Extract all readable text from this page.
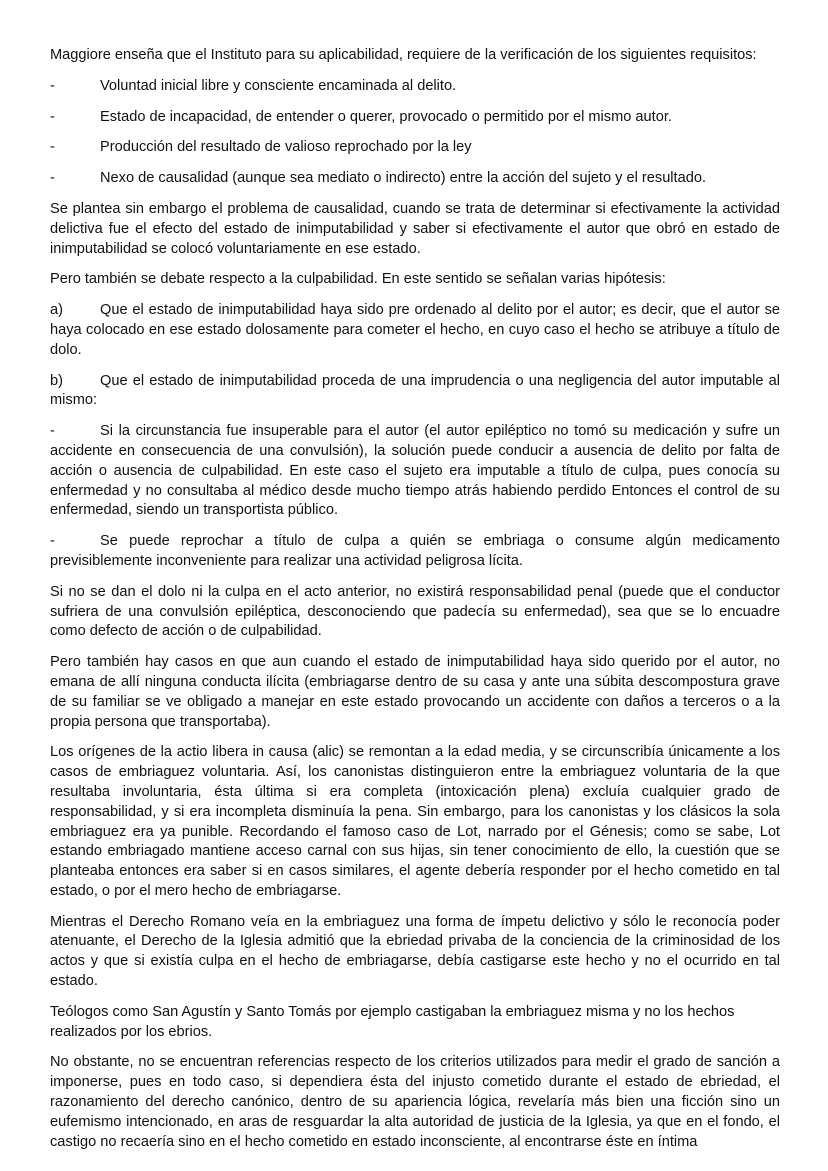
Maggiore enseña que el Instituto para su aplicabilidad, requiere de la verificación de los siguientes requisitos:

-	Voluntad inicial libre y consciente encaminada al delito.
-	Estado de incapacidad, de entender o querer, provocado o permitido por el mismo autor.
-	Producción del resultado de valioso reprochado por la ley
-	Nexo de causalidad (aunque sea mediato o indirecto) entre la acción del sujeto y el resultado.

Se plantea sin embargo el problema de causalidad, cuando se trata de determinar si efectivamente la actividad delictiva fue el efecto del estado de inimputabilidad y saber si efectivamente el autor que obró en estado de inimputabilidad se colocó voluntariamente en ese estado.

Pero también se debate respecto a la culpabilidad. En este sentido se señalan varias hipótesis:

a)	Que el estado de inimputabilidad haya sido pre ordenado al delito por el autor; es decir, que el autor se haya colocado en ese estado dolosamente para cometer el hecho, en cuyo caso el hecho se atribuye a título de dolo.
b)	Que el estado de inimputabilidad proceda de una imprudencia o una negligencia del autor imputable al mismo:
-	Si la circunstancia fue insuperable para el autor (el autor epiléptico no tomó su medicación y sufre un accidente en consecuencia de una convulsión), la solución puede conducir a ausencia de delito por falta de acción o ausencia de culpabilidad. En este caso el sujeto era imputable a título de culpa, pues conocía su enfermedad y no consultaba al médico desde mucho tiempo atrás habiendo perdido Entonces el control de su enfermedad, siendo un transportista público.
-	Se puede reprochar a título de culpa a quién se embriaga o consume algún medicamento previsiblemente inconveniente para realizar una actividad peligrosa lícita.

Si no se dan el dolo ni la culpa en el acto anterior, no existirá responsabilidad penal (puede que el conductor sufriera de una convulsión epiléptica, desconociendo que padecía su enfermedad), sea que se lo encuadre como defecto de acción o de culpabilidad.

Pero también hay casos en que aun cuando el estado de inimputabilidad haya sido querido por el autor, no emana de allí ninguna conducta ilícita (embriagarse dentro de su casa y ante una súbita descompostura grave de su familiar se ve obligado a manejar en este estado provocando un accidente con daños a terceros o a la propia persona que transportaba).

Los orígenes de la actio libera in causa (alic) se remontan a la edad media, y se circunscribía únicamente a los casos de embriaguez voluntaria. Así, los canonistas distinguieron entre la embriaguez voluntaria de la que resultaba involuntaria, ésta última si era completa (intoxicación plena) excluía cualquier grado de responsabilidad, y si era incompleta disminuía la pena. Sin embargo, para los canonistas y los clásicos la sola embriaguez era ya punible. Recordando el famoso caso de Lot, narrado por el Génesis; como se sabe, Lot estando embriagado mantiene acceso carnal con sus hijas, sin tener conocimiento de ello, la cuestión que se planteaba entonces era saber si en casos similares, el agente debería responder por el hecho cometido en tal estado, o por el mero hecho de embriagarse.

Mientras el Derecho Romano veía en la embriaguez una forma de ímpetu delictivo y sólo le reconocía poder atenuante, el Derecho de la Iglesia admitió que la ebriedad privaba de la conciencia de la criminosidad de los actos y que si existía culpa en el hecho de embriagarse, debía castigarse este hecho y no el ocurrido en tal estado.

Teólogos como San Agustín y Santo Tomás por ejemplo castigaban la embriaguez misma y no los hechos realizados por los ebrios.

No obstante, no se encuentran referencias respecto de los criterios utilizados para medir el grado de sanción a imponerse, pues en todo caso, si dependiera ésta del injusto cometido durante el estado de ebriedad, el razonamiento del derecho canónico, dentro de su apariencia lógica, revelaría más bien una ficción sino un eufemismo intencionado, en aras de resguardar la alta autoridad de justicia de la Iglesia, ya que en el fondo, el castigo no recaería sino en el hecho cometido en estado inconsciente, al encontrarse éste en íntima
